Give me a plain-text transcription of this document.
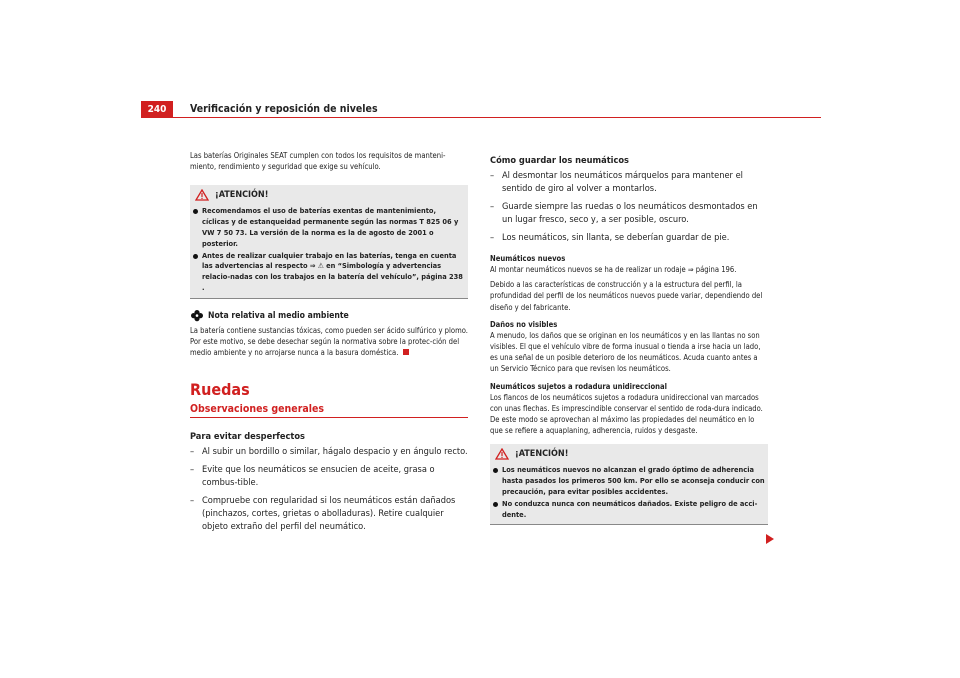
240	Verificación y reposición de niveles

Las baterías Originales SEAT cumplen con todos los requisitos de manteni-miento, rendimiento y seguridad que exige su vehículo.

¡ATENCIÓN!
Recomendamos el uso de baterías exentas de mantenimiento, cíclicas y de estanqueidad permanente según las normas T 825 06 y VW 7 50 73. La versión de la norma es la de agosto de 2001 o posterior.
Antes de realizar cualquier trabajo en las baterías, tenga en cuenta las advertencias al respecto ⇒ ⚠ en “Simbología y advertencias relacio-nadas con los trabajos en la batería del vehículo”, página 238 .
Nota relativa al medio ambiente

La batería contiene sustancias tóxicas, como pueden ser ácido sulfúrico y plomo. Por este motivo, se debe desechar según la normativa sobre la protec-ción del medio ambiente y no arrojarse nunca a la basura doméstica.

Ruedas
Observaciones generales
Para evitar desperfectos
– Al subir un bordillo o similar, hágalo despacio y en ángulo recto.
– Evite que los neumáticos se ensucien de aceite, grasa o combus-tible.
– Compruebe con regularidad si los neumáticos están dañados (pinchazos, cortes, grietas o abolladuras). Retire cualquier objeto extraño del perfil del neumático.
Cómo guardar los neumáticos
– Al desmontar los neumáticos márquelos para mantener el sentido de giro al volver a montarlos.
– Guarde siempre las ruedas o los neumáticos desmontados en un lugar fresco, seco y, a ser posible, oscuro.
– Los neumáticos, sin llanta, se deberían guardar de pie.
Neumáticos nuevos

Al montar neumáticos nuevos se ha de realizar un rodaje ⇒ página 196.

Debido a las características de construcción y a la estructura del perfil, la profundidad del perfil de los neumáticos nuevos puede variar, dependiendo del diseño y del fabricante.

Daños no visibles

A menudo, los daños que se originan en los neumáticos y en las llantas no son visibles. El que el vehículo vibre de forma inusual o tienda a irse hacia un lado, es una señal de un posible deterioro de los neumáticos. Acuda cuanto antes a un Servicio Técnico para que revisen los neumáticos.

Neumáticos sujetos a rodadura unidireccional

Los flancos de los neumáticos sujetos a rodadura unidireccional van marcados con unas flechas. Es imprescindible conservar el sentido de roda-dura indicado. De este modo se aprovechan al máximo las propiedades del neumático en lo que se refiere a aquaplaning, adherencia, ruidos y desgaste.

¡ATENCIÓN!
Los neumáticos nuevos no alcanzan el grado óptimo de adherencia hasta pasados los primeros 500 km. Por ello se aconseja conducir con precaución, para evitar posibles accidentes.
No conduzca nunca con neumáticos dañados. Existe peligro de acci-dente.
